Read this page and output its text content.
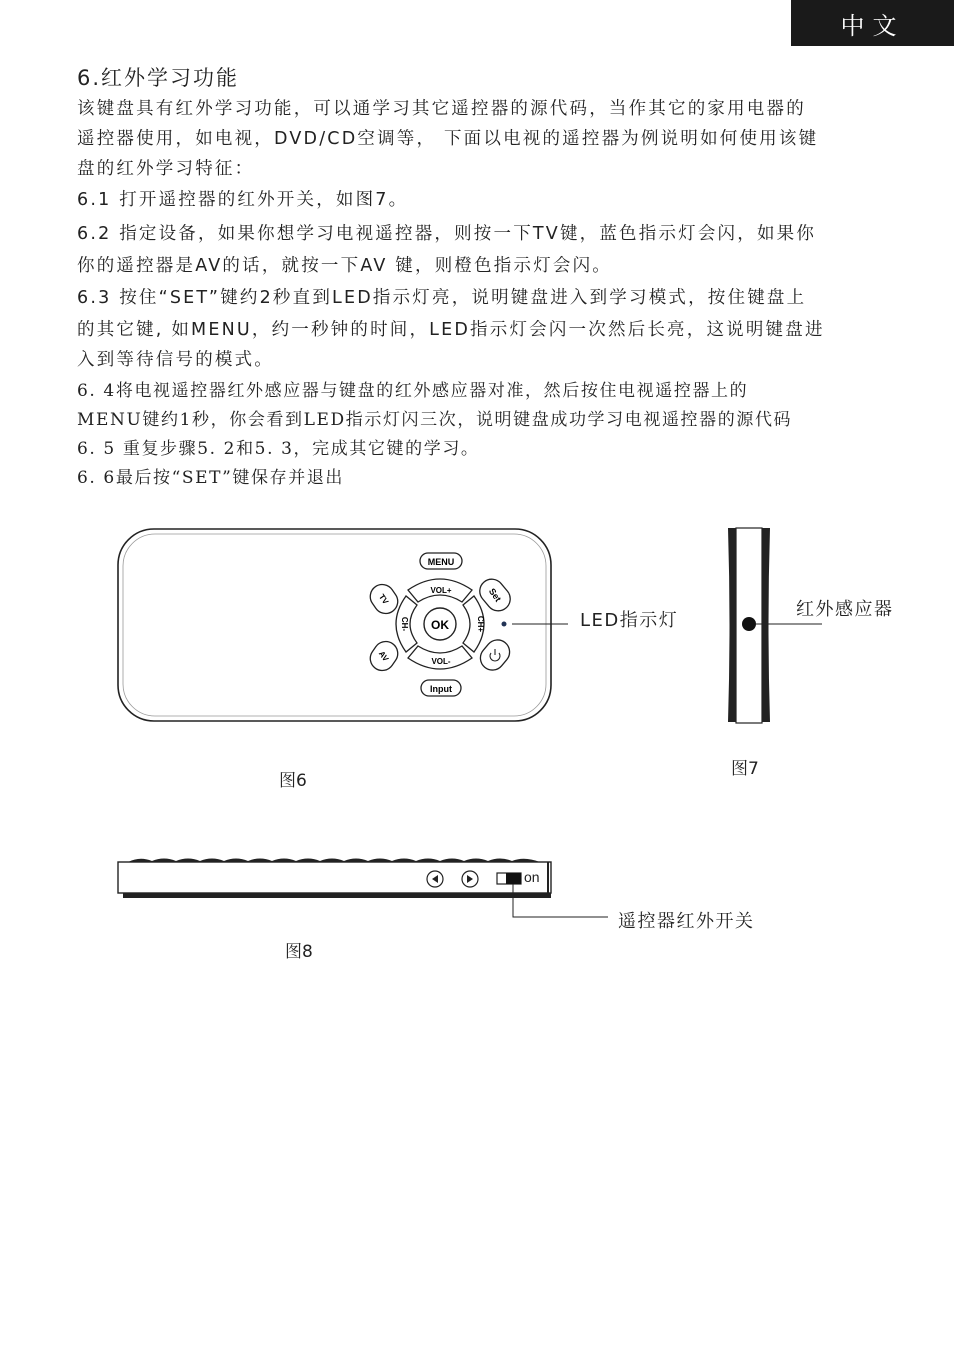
中文
6.红外学习功能
该键盘具有红外学习功能，可以通学习其它遥控器的源代码，当作其它的家用电器的
遥控器使用，如电视，DVD/CD空调等， 下面以电视的遥控器为例说明如何使用该键
盘的红外学习特征：
6.1 打开遥控器的红外开关，如图7。
6.2 指定设备，如果你想学习电视遥控器，则按一下TV键，蓝色指示灯会闪，如果你
你的遥控器是AV的话，就按一下AV 键，则橙色指示灯会闪。
6.3 按住“SET”键约2秒直到LED指示灯亮，说明键盘进入到学习模式，按住键盘上
的其它键, 如MENU，约一秒钟的时间，LED指示灯会闪一次然后长亮，这说明键盘进
入到等待信号的模式。
6. 4将电视遥控器红外感应器与键盘的红外感应器对准，然后按住电视遥控器上的
MENU键约1秒，你会看到LED指示灯闪三次，说明键盘成功学习电视遥控器的源代码
6. 5 重复步骤5. 2和5. 3，完成其它键的学习。
6. 6最后按“SET”键保存并退出
MENU
VOL+
VOL-
CH-	CH+
OK
TV
AV
Set
Input
on
LED指示灯
红外感应器
遥控器红外开关
图6
图7
图8
